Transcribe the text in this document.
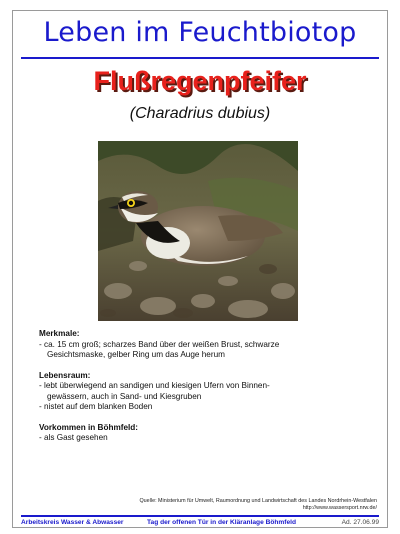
Leben im Feuchtbiotop
Flußregenpfeifer
(Charadrius dubius)
Merkmale:
- ca. 15 cm groß; scharzes Band über der weißen Brust, schwarze
Gesichtsmaske, gelber Ring um das Auge herum
Lebensraum:
- lebt überwiegend an sandigen und kiesigen Ufern von Binnen-
gewässern, auch in Sand- und Kiesgruben
- nistet auf dem blanken Boden
Vorkommen in Böhmfeld:
- als Gast gesehen
Quelle: Ministerium für Umwelt, Raumordnung und Landwirtschaft des Landes Nordrhein-Westfalen
http://www.wassersport.nrw.de/
Arbeitskreis Wasser & Abwasser	Tag der offenen Tür in der Kläranlage Böhmfeld	Ad. 27.06.99
